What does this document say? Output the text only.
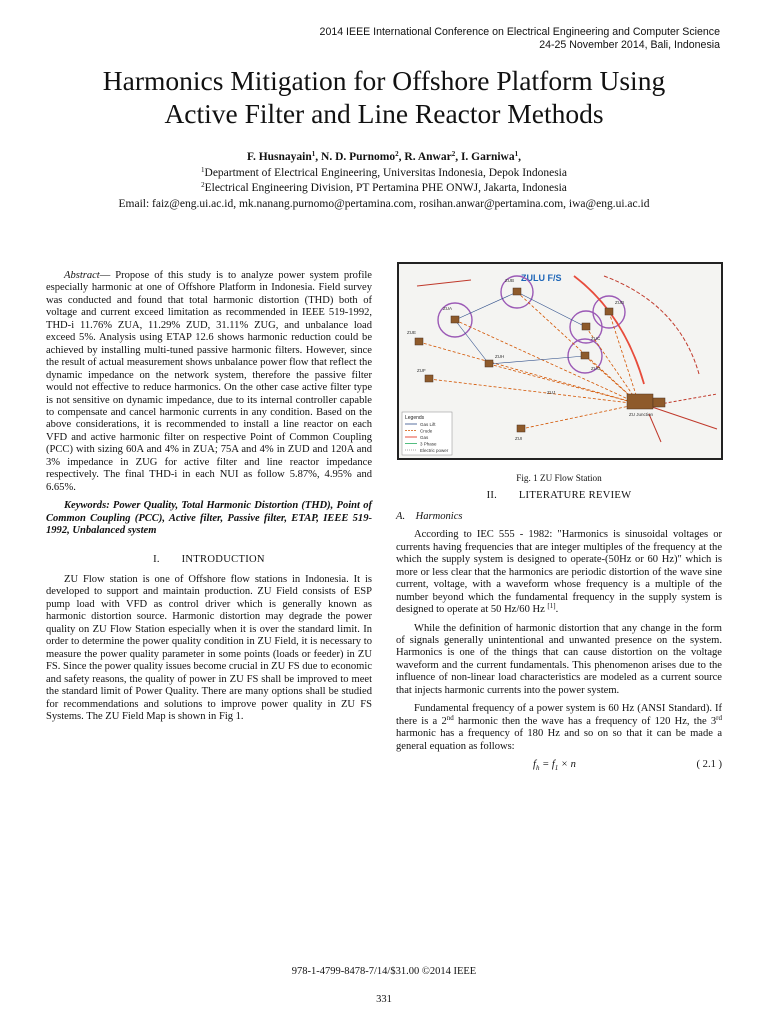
2014 IEEE International Conference on Electrical Engineering and Computer Science
24-25 November 2014, Bali, Indonesia
Harmonics Mitigation for Offshore Platform Using
Active Filter and Line Reactor Methods
F. Husnayain$^1$, N. D. Purnomo$^2$, R. Anwar$^2$, I. Garniwa$^1$,
$^1$Department of Electrical Engineering, Universitas Indonesia, Depok Indonesia
$^2$Electrical Engineering Division, PT Pertamina PHE ONWJ, Jakarta, Indonesia
Email: faiz@eng.ui.ac.id, mk.nanang.purnomo@pertamina.com, rosihan.anwar@pertamina.com, iwa@eng.ui.ac.id

Abstract— Propose of this study is to analyze power system profile especially harmonic at one of Offshore Platform in Indonesia. Field survey was conducted and found that total harmonic distortion (THD) both of voltage and current exceed limitation as recommended in IEEE 519-1992, THD-i 11.76% ZUA, 11.29% ZUD, 31.11% ZUG, and unbalance load exceed 5%. Analysis using ETAP 12.6 shows harmonic reduction could be achieved by installing multi-tuned passive harmonic filters. However, since the result of actual measurement shows unbalance power flow that reflect the dynamic impedance on the network system, therefore the passive filter would not effective to reduce harmonics. On the other case active filter type is not sensitive on dynamic impedance, due to its internal controller capable to compensate and cancel harmonic currents in any condition. Based on the above considerations, it is recommended to install a line reactor on each VFD and active harmonic filter on respective Point of Common Coupling (PCC) with sizing 60A and 4% in ZUA; 75A and 4% in ZUD and 120A and 3% impedance in ZUG for active filter and line reactor impedance respectively. The final THD-i in each NUI as follow 5.87%, 4.95% and 6.65%.

Keywords: Power Quality, Total Harmonic Distortion (THD), Point of Common Coupling (PCC), Active filter, Passive filter, ETAP, IEEE 519-1992, Unbalanced system

I.  INTRODUCTION

ZU Flow station is one of Offshore flow stations in Indonesia. It is developed to support and maintain production. ZU Field consists of ESP pump load with VFD as control driver which is generally known as harmonic distortion source. Harmonic distortion may degrade the power quality on ZU Flow Station especially when it is over the standard limit. In order to determine the power quality condition in ZU Field, it is necessary to measure the power quality parameter in some points (loads or feeder) in ZU FS. Since the power quality issues become crucial in ZU FS due to economic and safety reasons, the quality of power in ZU FS shall be improved to meet the standard limit of Power Quality. There are many options shall be studied for recommendations and solutions to improve power quality in ZU FS Systems. The ZU Field Map is shown in Fig 1.

ZULU F/S
ZUA
ZUB
ZUC
ZUD
ZUE
ZUF	ZUG
ZUH
ZUI
ZUJ
ZU Junction
Legends
Gas Lift
Crude
Gas
3 Phase
Electric power

Fig. 1 ZU Flow Station

II.  LITERATURE REVIEW

A. Harmonics

According to IEC 555 - 1982: "Harmonics is sinusoidal voltages or currents having frequencies that are integer multiples of the frequency at the which the supply system is designed to operate-(50Hz or 60 Hz)" which is more or less clear that the harmonics are periodic distortion of the wave sine current, voltage, with a waveform whose frequency is a multiple of the number beyond which the fundamental frequency in the supply system is designed to operate at 50 Hz/60 Hz [1].

While the definition of harmonic distortion that any change in the form of signals generally unintentional and unwanted presence on the system. Harmonics is one of the things that can cause distortion on the voltage waveform and the current fundamentals. This phenomenon arises due to the influence of non-linear load characteristics are modeled as a current source that injects harmonic currents into the power system.

Fundamental frequency of a power system is 60 Hz (ANSI Standard). If there is a 2nd harmonic then the wave has a frequency of 120 Hz, the 3rd harmonic has a frequency of 180 Hz and so on so that it can be made a general equation as follows:

$f_h = f_1 \times n$	( 2.1 )
978-1-4799-8478-7/14/$31.00 ©2014 IEEE
331
